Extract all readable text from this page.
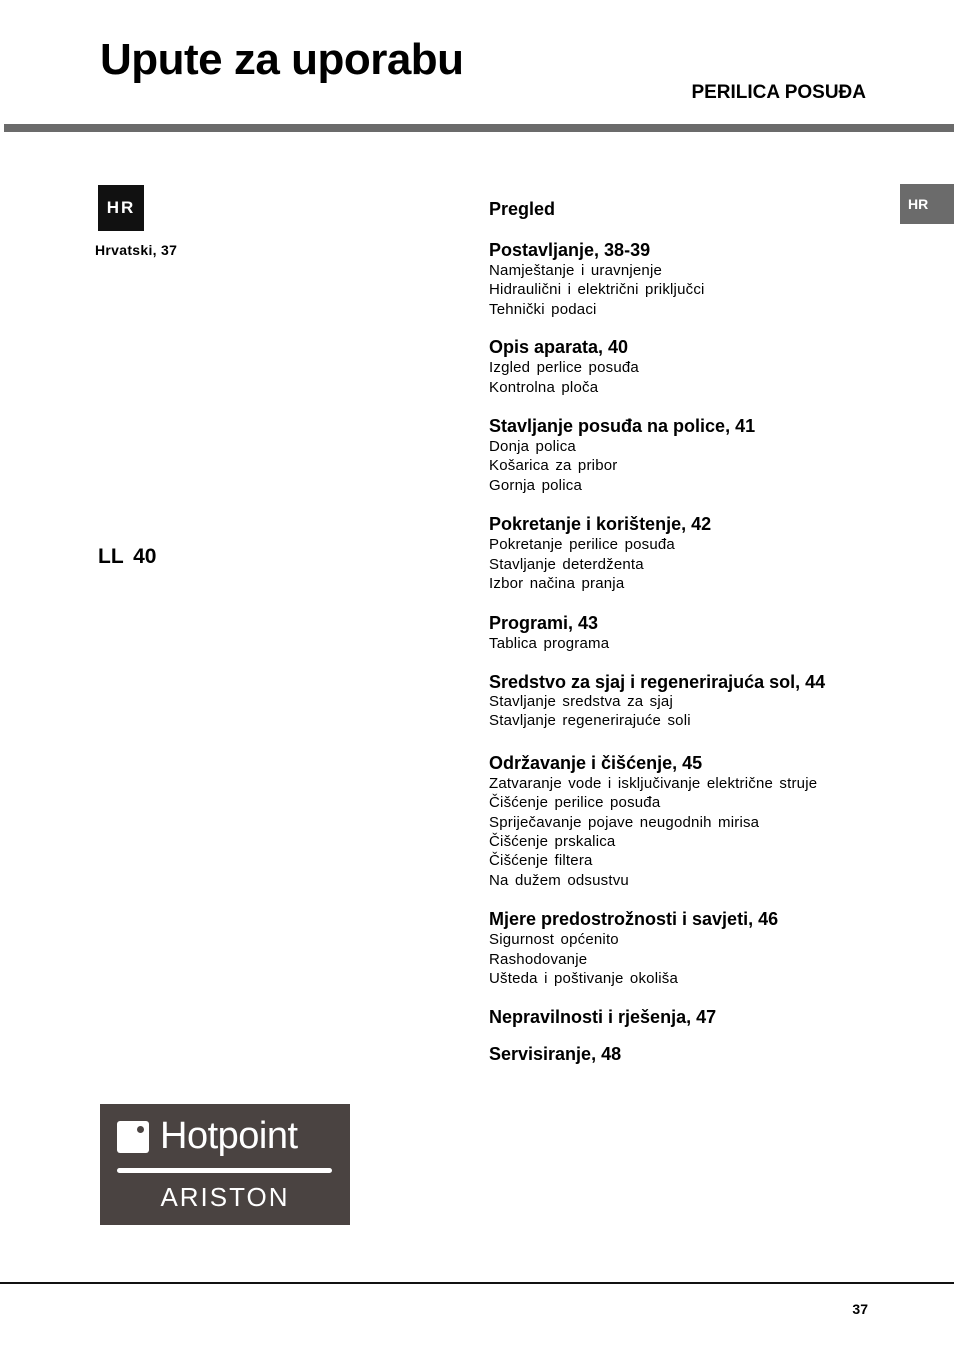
Upute za uporabu
PERILICA POSUĐA
HR
Hrvatski, 37
HR
LL 40
Pregled
Postavljanje, 38-39
Namještanje i uravnjenje
Hidraulični i električni priključci
Tehnički podaci
Opis aparata, 40
Izgled perlice posuđa
Kontrolna ploča
Stavljanje posuđa na police, 41
Donja polica
Košarica za pribor
Gornja polica
Pokretanje i korištenje, 42
Pokretanje perilice posuđa
Stavljanje deterdženta
Izbor načina pranja
Programi, 43
Tablica programa
Sredstvo za sjaj i regenerirajuća sol, 44
Stavljanje sredstva za sjaj
Stavljanje regenerirajuće soli
Održavanje i čišćenje, 45
Zatvaranje vode i isključivanje električne struje
Čišćenje perilice posuđa
Spriječavanje pojave neugodnih mirisa
Čišćenje prskalica
Čišćenje filtera
Na dužem odsustvu
Mjere predostrožnosti i savjeti, 46
Sigurnost općenito
Rashodovanje
Ušteda i poštivanje okoliša
Nepravilnosti i rješenja, 47
Servisiranje, 48
Hotpoint
ARISTON
37
